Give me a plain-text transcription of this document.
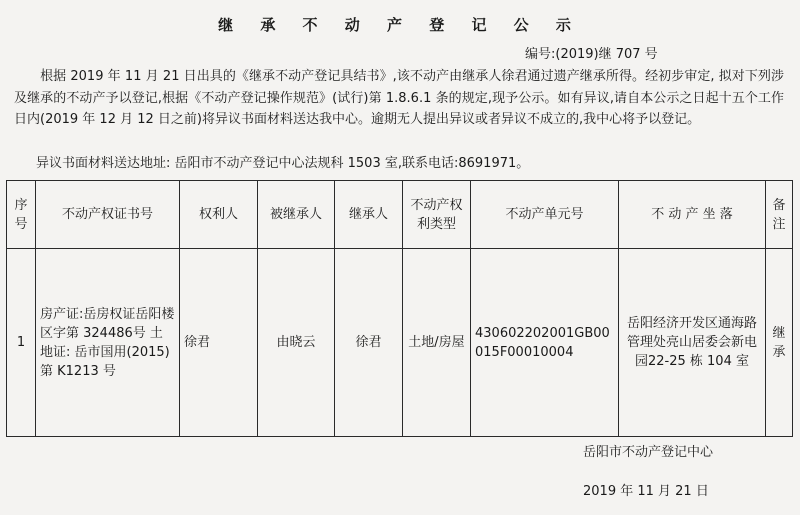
继 承 不 动 产 登 记 公 示
编号:(2019)继 707 号
根据 2019 年 11 月 21 日出具的《继承不动产登记具结书》,该不动产由继承人徐君通过遗产继承所得。经初步审定, 拟对下列涉及继承的不动产予以登记,根据《不动产登记操作规范》(试行)第 1.8.6.1 条的规定,现予公示。如有异议,请自本公示之日起十五个工作日内(2019 年 12 月 12 日之前)将异议书面材料送达我中心。逾期无人提出异议或者异议不成立的,我中心将予以登记。
异议书面材料送达地址: 岳阳市不动产登记中心法规科 1503 室,联系电话:8691971。
序号	不动产权证书号	权利人	被继承人	继承人	不动产权利类型	不动产单元号	不 动 产 坐 落	备注
1	房产证:岳房权证岳阳楼区字第 324486号 土地证: 岳市国用(2015)第 K1213 号	徐君	由晓云	徐君	土地/房屋	430602202001GB00015F00010004	岳阳经济开发区通海路管理处亮山居委会新电园22-25 栋 104 室	继承
岳阳市不动产登记中心
2019 年 11 月 21 日
